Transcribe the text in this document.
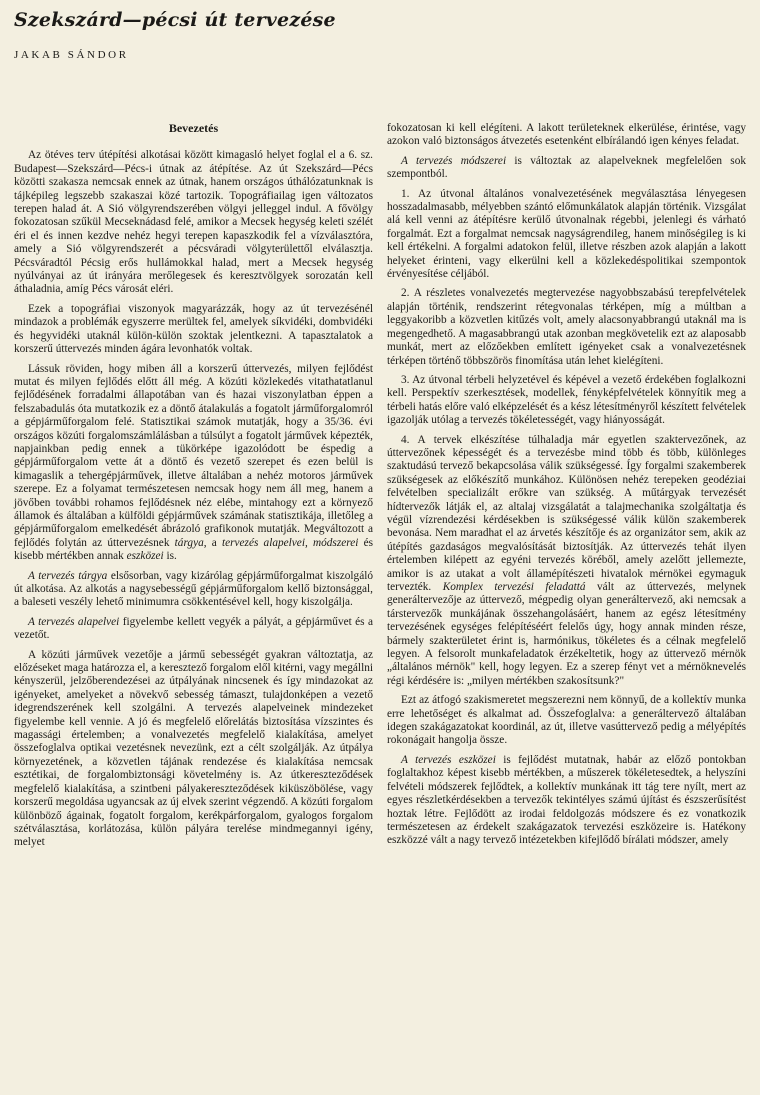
Szekszárd—pécsi út tervezése
JAKAB SÁNDOR
Bevezetés

Az ötéves terv útépítési alkotásai között kimagasló helyet foglal el a 6. sz. Budapest—Szekszárd—Pécs-i útnak az átépítése. Az út Szekszárd—Pécs közötti szakasza nemcsak ennek az útnak, hanem országos úthálózatunknak is tájképileg legszebb szakaszai közé tartozik. Topográfiailag igen változatos terepen halad át. A Sió völgyrendszerében völgyi jelleggel indul. A fővölgy fokozatosan szűkül Mecseknádasd felé, amikor a Mecsek hegység keleti szélét éri el és innen kezdve nehéz hegyi terepen kapaszkodik fel a vízválasztóra, amely a Sió völgyrendszerét a pécsváradi völgyterülettől elválasztja. Pécsváradtól Pécsig erős hullámokkal halad, mert a Mecsek hegység nyúlványai az út irányára merőlegesek és keresztvölgyek sorozatán kell áthaladnia, amíg Pécs városát eléri.

Ezek a topográfiai viszonyok magyarázzák, hogy az út tervezésénél mindazok a problémák egyszerre merültek fel, amelyek síkvidéki, dombvidéki és hegyvidéki utaknál külön-külön szoktak jelentkezni. A tapasztalatok a korszerű úttervezés minden ágára levonhatók voltak.

Lássuk röviden, hogy miben áll a korszerű úttervezés, milyen fejlődést mutat és milyen fejlődés előtt áll még. A közúti közlekedés vitathatatlanul fejlődésének forradalmi állapotában van és hazai viszonylatban éppen a felszabadulás óta mutatkozik ez a döntő átalakulás a fogatolt járműforgalomról a gépjárműforgalom felé. Statisztikai számok mutatják, hogy a 35/36. évi országos közúti forgalomszámlálásban a túlsúlyt a fogatolt járművek képezték, napjainkban pedig ennek a tükörképe igazolódott be éspedig a gépjárműforgalom vette át a döntő és vezető szerepet és ezen belül is kimagaslik a tehergépjárművek, illetve általában a nehéz motoros járművek szerepe. Ez a folyamat természetesen nemcsak hogy nem áll meg, hanem a jövőben további rohamos fejlődésnek néz elébe, mintahogy ezt a környező államok és általában a külföldi gépjárművek számának statisztikája, illetőleg a gépjárműforgalom emelkedését ábrázoló grafikonok mutatják. Megváltozott a fejlődés folytán az úttervezésnek tárgya, a tervezés alapelvei, módszerei és kisebb mértékben annak eszközei is.

A tervezés tárgya elsősorban, vagy kizárólag gépjárműforgalmat kiszolgáló út alkotása. Az alkotás a nagysebességű gépjárműforgalom kellő biztonsággal, a baleseti veszély lehető minimumra csökkentésével kell, hogy kiszolgálja.

A tervezés alapelvei figyelembe kellett vegyék a pályát, a gépjárművet és a vezetőt.

A közúti járművek vezetője a jármű sebességét gyakran változtatja, az előzéseket maga határozza el, a keresztező forgalom elől kitérni, vagy megállni kényszerül, jelzőberendezései az útpályának nincsenek és így mindazokat az igényeket, amelyeket a növekvő sebesség támaszt, tulajdonképen a vezető idegrendszerének kell szolgálni. A tervezés alapelveinek mindezeket figyelembe kell vennie. A jó és megfelelő előrelátás biztosítása vízszintes és magassági értelemben; a vonalvezetés megfelelő kialakítása, amelyet összefoglalva optikai vezetésnek nevezünk, ezt a célt szolgálják. Az útpálya környezetének, a közvetlen tájának rendezése és kialakítása nemcsak esztétikai, de forgalombiztonsági követelmény is. Az útkereszteződések megfelelő kialakítása, a szintbeni pályakereszteződések kiküszöbölése, vagy korszerű megoldása ugyancsak az új elvek szerint végzendő. A közúti forgalom különböző ágainak, fogatolt forgalom, kerékpárforgalom, gyalogos forgalom szétválasztása, korlátozása, külön pályára terelése mindmegannyi igény, melyet

fokozatosan ki kell elégíteni. A lakott területeknek elkerülése, érintése, vagy azokon való biztonságos átvezetés esetenként elbírálandó igen kényes feladat.

A tervezés módszerei is változtak az alapelveknek megfelelően sok szempontból.

1. Az útvonal általános vonalvezetésének megválasztása lényegesen hosszadalmasabb, mélyebben szántó előmunkálatok alapján történik. Vizsgálat alá kell venni az átépítésre kerülő útvonalnak régebbi, jelenlegi és várható forgalmát. Ezt a forgalmat nemcsak nagyságrendileg, hanem minőségileg is ki kell értékelni. A forgalmi adatokon felül, illetve részben azok alapján a lakott helyeket érinteni, vagy elkerülni kell a közlekedéspolitikai szempontok érvényesítése céljából.

2. A részletes vonalvezetés megtervezése nagyobbszabású terepfelvételek alapján történik, rendszerint rétegvonalas térképen, míg a múltban a leggyakoribb a közvetlen kitűzés volt, amely alacsonyabbrangú utaknál ma is megengedhető. A magasabbrangú utak azonban megkövetelik ezt az alaposabb munkát, mert az előzőekben említett igényeket csak a vonalvezetésnek térképen történő többszörös finomítása után lehet kielégíteni.

3. Az útvonal térbeli helyzetével és képével a vezető érdekében foglalkozni kell. Perspektív szerkesztések, modellek, fényképfelvételek könnyítik meg a térbeli hatás előre való elképzelését és a kész létesítményről készített felvételek igazolják utólag a tervezés tökéletességét, vagy hiányosságát.

4. A tervek elkészítése túlhaladja már egyetlen szaktervezőnek, az úttervezőnek képességét és a tervezésbe mind több és több, különleges szaktudású tervező bekapcsolása válik szükségessé. Így forgalmi szakemberek szükségesek az előkészítő munkához. Különösen nehéz terepeken geodéziai felvételben specializált erőkre van szükség. A műtárgyak tervezését hídtervezők látják el, az altalaj vizsgálatát a talajmechanika szolgáltatja és végül vízrendezési kérdésekben is szükségessé válik külön szakemberek bevonása. Nem maradhat el az árvetés készítője és az organizátor sem, akik az útépítés gazdaságos megvalósítását biztosítják. Az úttervezés tehát ilyen értelemben kilépett az egyéni tervezés köréből, amely azelőtt jellemezte, amikor is az utakat a volt államépítészeti hivatalok mérnökei egymaguk tervezték. Komplex tervezési feladattá vált az úttervezés, melynek generáltervezője az úttervező, mégpedig olyan generáltervező, aki nemcsak a társtervezők munkájának összehangolásáért, hanem az egész létesítmény tervezésének egységes felépítéséért felelős úgy, hogy annak minden része, bármely szakterületet érint is, harmónikus, tökéletes és a célnak megfelelő legyen. A felsorolt munkafeladatok érzékeltetik, hogy az úttervező mérnök „általános mérnök" kell, hogy legyen. Ez a szerep fényt vet a mérnöknevelés régi kérdésére is: „milyen mértékben szakosítsunk?"

Ezt az átfogó szakismeretet megszerezni nem könnyű, de a kollektív munka erre lehetőséget és alkalmat ad. Összefoglalva: a generáltervező általában idegen szakágazatokat koordinál, az út, illetve vasúttervező pedig a mélyépítés rokonágait hangolja össze.

A tervezés eszközei is fejlődést mutatnak, habár az előző pontokban foglaltakhoz képest kisebb mértékben, a műszerek tökéletesedtek, a helyszíni felvételi módszerek fejlődtek, a kollektív munkának itt tág tere nyílt, mert az egyes részletkérdésekben a tervezők tekintélyes számú újítást és észszerűsítést hoztak létre. Fejlődött az irodai feldolgozás módszere és ez vonatkozik természetesen az érdekelt szakágazatok tervezési eszközeire is. Hatékony eszközzé vált a nagy tervező intézetekben kifejlődő bírálati módszer, amely
